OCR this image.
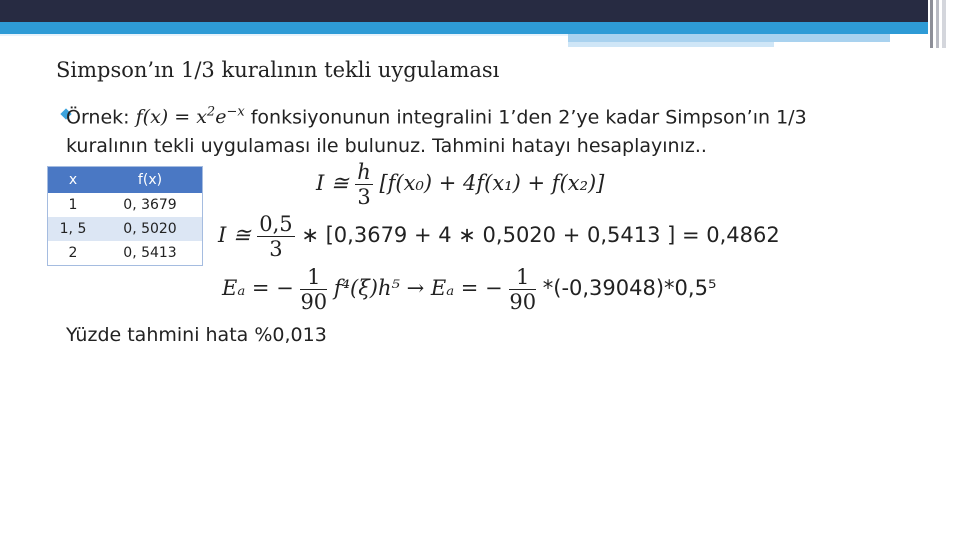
Simpson’ın 1/3 kuralının tekli uygulaması
Örnek: $f(x) = x^2e^{-x}$ fonksiyonunun integralini 1’den 2’ye kadar Simpson’ın 1/3 kuralının tekli uygulaması ile bulunuz. Tahmini hatayı hesaplayınız..
x	f(x)
1	0, 3679
1, 5	0, 5020
2	0, 5413
I ≅ $\frac{h}{3} [f(x_0) + 4f(x_1) + f(x_2)]$
I ≅ $\frac{0,5}{3}$ ∗ [0,3679 + 4 ∗ 0,5020 + 0,5413 ] = 0,4862
Eₐ = − $\frac{1}{90} f^4(\xi)h^5 \to E_a$ = − $\frac{1}{90} *(-0,39048)*0,5^5$
Yüzde tahmini hata %0,013
